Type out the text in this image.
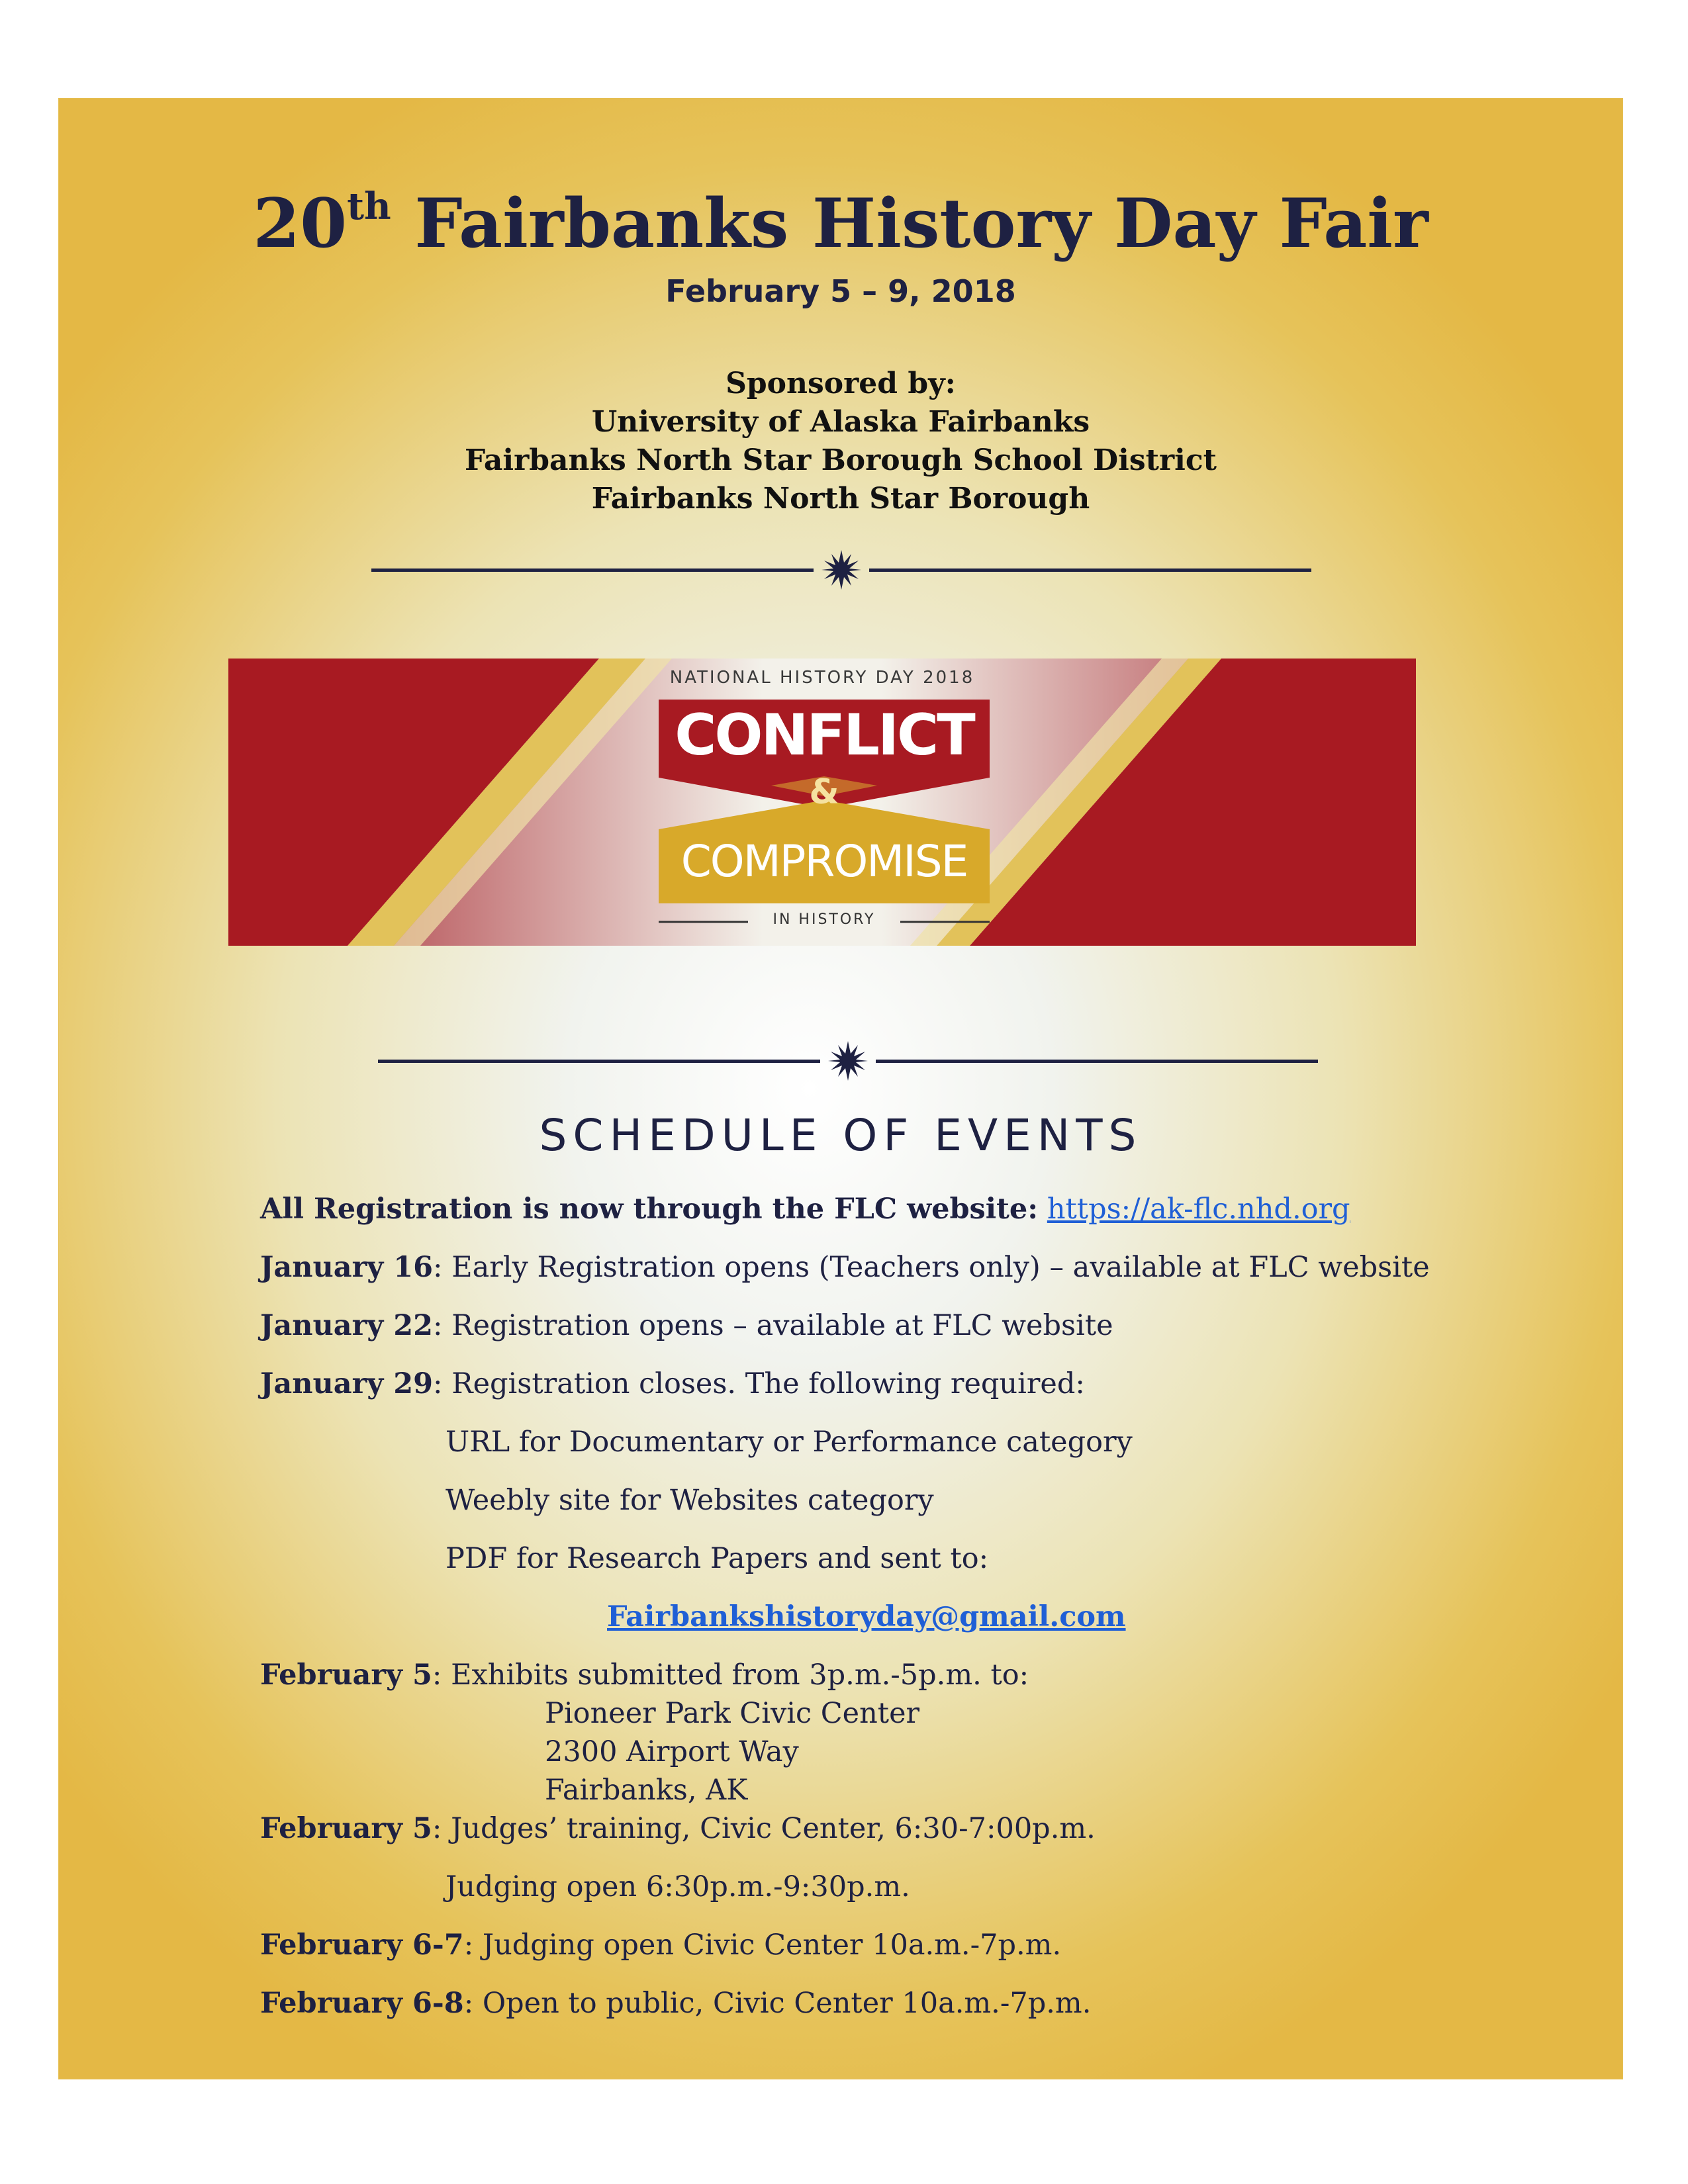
20th Fairbanks History Day Fair
February 5 – 9, 2018
Sponsored by:
University of Alaska Fairbanks
Fairbanks North Star Borough School District
Fairbanks North Star Borough
NATIONAL HISTORY DAY 2018
CONFLICT
&
COMPROMISE
IN HISTORY
SCHEDULE OF EVENTS
All Registration is now through the FLC website: https://ak-flc.nhd.org
January 16: Early Registration opens (Teachers only) – available at FLC website
January 22: Registration opens – available at FLC website
January 29: Registration closes. The following required:
URL for Documentary or Performance category
Weebly site for Websites category
PDF for Research Papers and sent to:
Fairbankshistoryday@gmail.com
February 5: Exhibits submitted from 3p.m.-5p.m. to:
Pioneer Park Civic Center
2300 Airport Way
Fairbanks, AK
February 5: Judges’ training, Civic Center, 6:30-7:00p.m.
Judging open 6:30p.m.-9:30p.m.
February 6-7: Judging open Civic Center 10a.m.-7p.m.
February 6-8: Open to public, Civic Center 10a.m.-7p.m.
